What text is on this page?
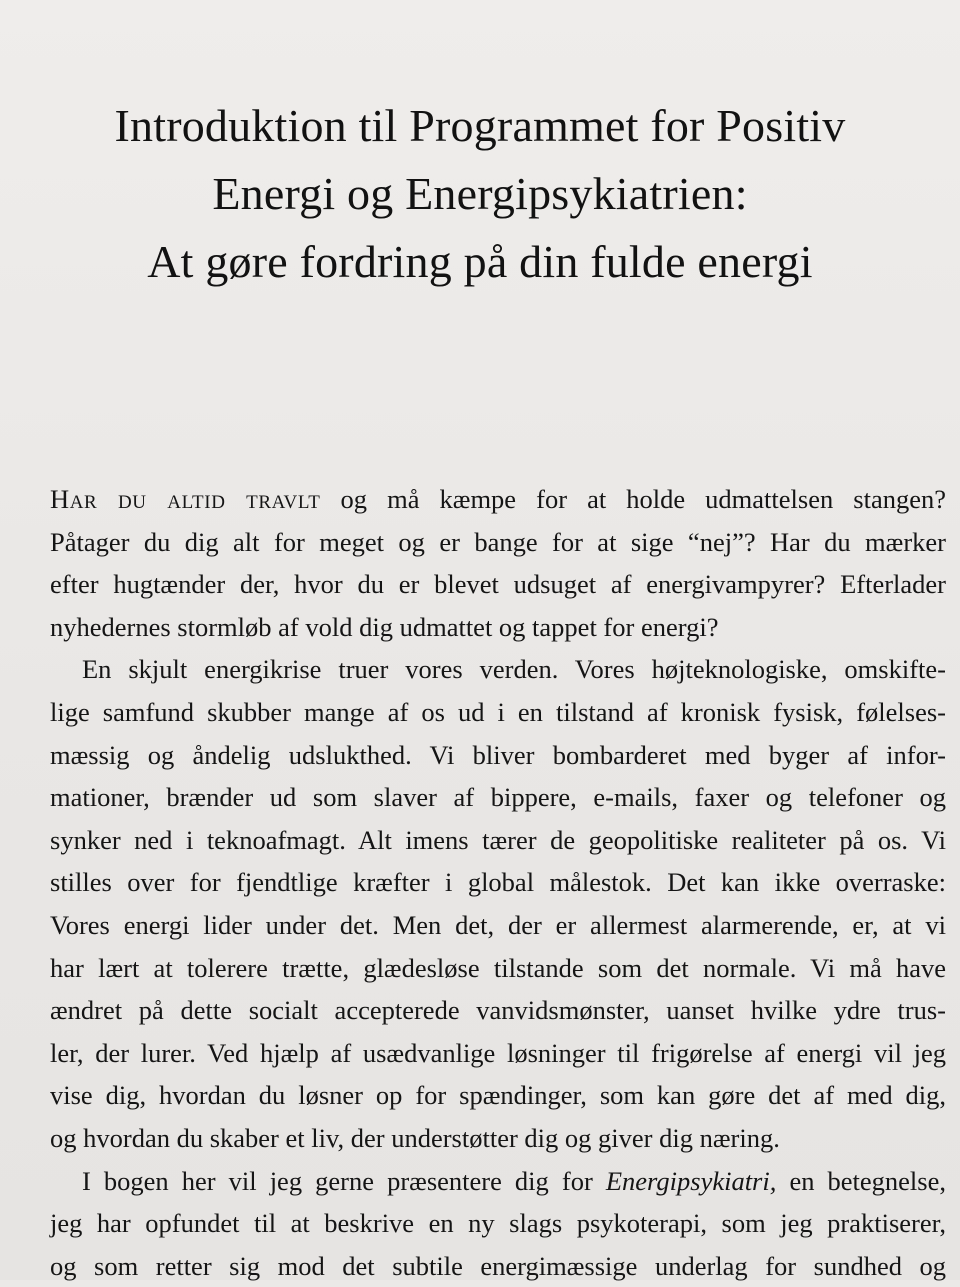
Introduktion til Programmet for Positiv
Energi og Energipsykiatrien:
At gøre fordring på din fulde energi
Har du altid travlt og må kæmpe for at holde udmattelsen stangen?
Påtager du dig alt for meget og er bange for at sige “nej”? Har du mærker
efter hugtænder der, hvor du er blevet udsuget af energivampyrer? Efterlader
nyhedernes stormløb af vold dig udmattet og tappet for energi?
En skjult energikrise truer vores verden. Vores højteknologiske, omskifte-
lige samfund skubber mange af os ud i en tilstand af kronisk fysisk, følelses-
mæssig og åndelig udslukthed. Vi bliver bombarderet med byger af infor-
mationer, brænder ud som slaver af bippere, e-mails, faxer og telefoner og
synker ned i teknoafmagt. Alt imens tærer de geopolitiske realiteter på os. Vi
stilles over for fjendtlige kræfter i global målestok. Det kan ikke overraske:
Vores energi lider under det. Men det, der er allermest alarmerende, er, at vi
har lært at tolerere trætte, glædesløse tilstande som det normale. Vi må have
ændret på dette socialt accepterede vanvidsmønster, uanset hvilke ydre trus-
ler, der lurer. Ved hjælp af usædvanlige løsninger til frigørelse af energi vil jeg
vise dig, hvordan du løsner op for spændinger, som kan gøre det af med dig,
og hvordan du skaber et liv, der understøtter dig og giver dig næring.
I bogen her vil jeg gerne præsentere dig for Energipsykiatri, en betegnelse,
jeg har opfundet til at beskrive en ny slags psykoterapi, som jeg praktiserer,
og som retter sig mod det subtile energimæssige underlag for sundhed og
